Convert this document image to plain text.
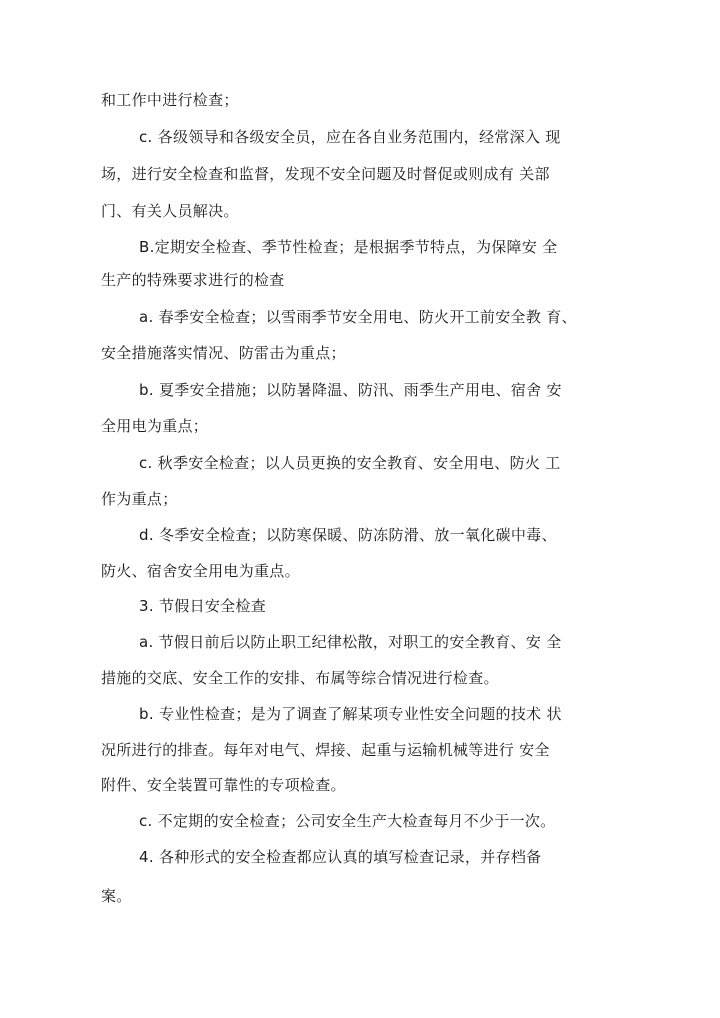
和工作中进行检查；
c. 各级领导和各级安全员，应在各自业务范围内，经常深入 现
场，进行安全检查和监督，发现不安全问题及时督促或则成有 关部
门、有关人员解决。
B.定期安全检查、季节性检查；是根据季节特点，为保障安 全
生产的特殊要求进行的检查
a. 春季安全检查；以雪雨季节安全用电、防火开工前安全教 育、
安全措施落实情况、防雷击为重点；
b. 夏季安全措施；以防暑降温、防汛、雨季生产用电、宿舍 安
全用电为重点；
c. 秋季安全检查；以人员更换的安全教育、安全用电、防火 工
作为重点；
d. 冬季安全检查；以防寒保暖、防冻防滑、放一氧化碳中毒、
防火、宿舍安全用电为重点。
3. 节假日安全检查
a. 节假日前后以防止职工纪律松散，对职工的安全教育、安 全
措施的交底、安全工作的安排、布属等综合情况进行检查。
b. 专业性检查；是为了调查了解某项专业性安全问题的技术 状
况所进行的排查。每年对电气、焊接、起重与运输机械等进行 安全
附件、安全装置可靠性的专项检查。
c. 不定期的安全检查；公司安全生产大检查每月不少于一次。
4. 各种形式的安全检查都应认真的填写检查记录，并存档备
案。
